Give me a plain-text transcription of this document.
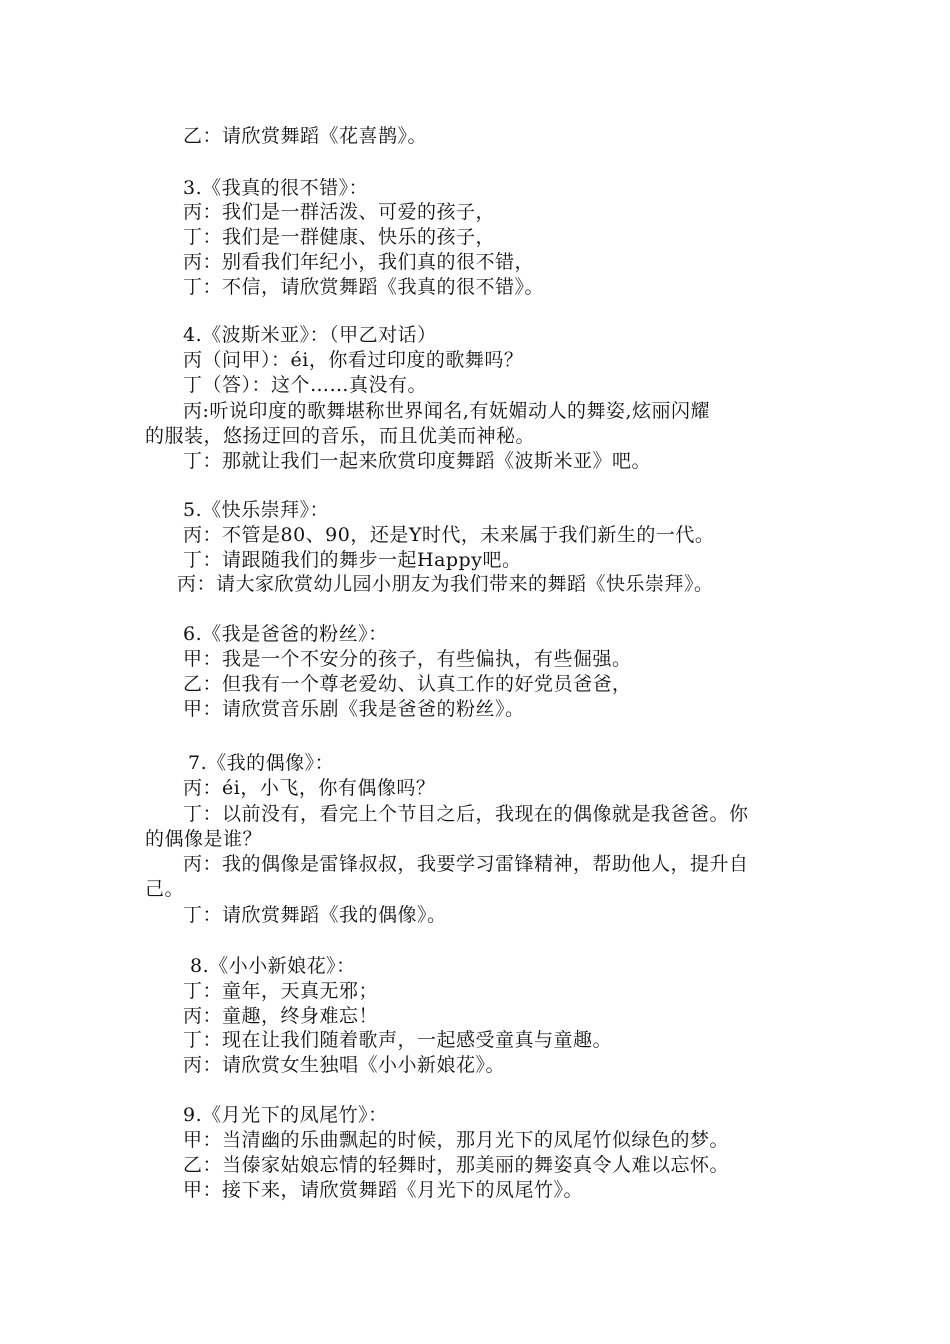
乙：请欣赏舞蹈《花喜鹊》。
3.《我真的很不错》：
丙：我们是一群活泼、可爱的孩子，
丁：我们是一群健康、快乐的孩子，
丙：别看我们年纪小，我们真的很不错，
丁：不信，请欣赏舞蹈《我真的很不错》。
4.《波斯米亚》：（甲乙对话）
丙（问甲）：éi，你看过印度的歌舞吗？
丁（答）：这个……真没有。
丙:听说印度的歌舞堪称世界闻名,有妩媚动人的舞姿,炫丽闪耀
的服装，悠扬迂回的音乐，而且优美而神秘。
丁：那就让我们一起来欣赏印度舞蹈《波斯米亚》吧。
5.《快乐崇拜》：
丙：不管是80、90，还是Y时代，未来属于我们新生的一代。
丁：请跟随我们的舞步一起Happy吧。
丙：请大家欣赏幼儿园小朋友为我们带来的舞蹈《快乐崇拜》。
6.《我是爸爸的粉丝》：
甲：我是一个不安分的孩子，有些偏执，有些倔强。
乙：但我有一个尊老爱幼、认真工作的好党员爸爸，
甲：请欣赏音乐剧《我是爸爸的粉丝》。
7.《我的偶像》：
丙：éi，小飞，你有偶像吗？
丁：以前没有，看完上个节目之后，我现在的偶像就是我爸爸。你
的偶像是谁？
丙：我的偶像是雷锋叔叔，我要学习雷锋精神，帮助他人，提升自
己。
丁：请欣赏舞蹈《我的偶像》。
8.《小小新娘花》：
丁：童年，天真无邪；
丙：童趣，终身难忘！
丁：现在让我们随着歌声，一起感受童真与童趣。
丙：请欣赏女生独唱《小小新娘花》。
9.《月光下的凤尾竹》：
甲：当清幽的乐曲飘起的时候，那月光下的凤尾竹似绿色的梦。
乙：当傣家姑娘忘情的轻舞时，那美丽的舞姿真令人难以忘怀。
甲：接下来，请欣赏舞蹈《月光下的凤尾竹》。
